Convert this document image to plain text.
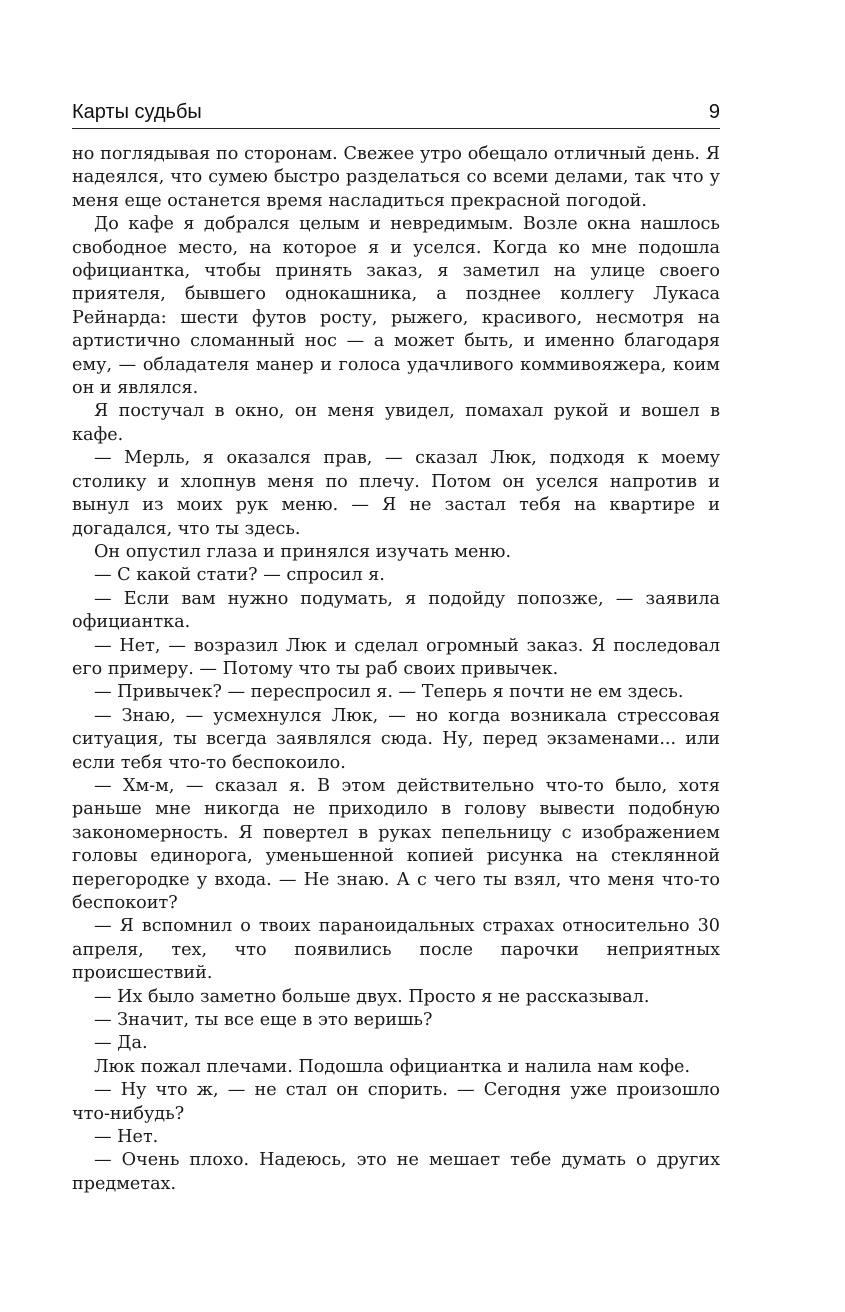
Карты судьбы	9

но поглядывая по сторонам. Свежее утро обещало отличный день. Я надеялся, что сумею быстро разделаться со всеми делами, так что у меня еще останется время насладиться прекрасной погодой.

До кафе я добрался целым и невредимым. Возле окна нашлось свободное место, на которое я и уселся. Когда ко мне подошла официантка, чтобы принять заказ, я заметил на улице своего приятеля, бывшего однокашника, а позднее коллегу Лукаса Рейнарда: шести футов росту, рыжего, красивого, несмотря на артистично сломанный нос — а может быть, и именно благодаря ему, — обладателя манер и голоса удачливого коммивояжера, коим он и являлся.

Я постучал в окно, он меня увидел, помахал рукой и вошел в кафе.

— Мерль, я оказался прав, — сказал Люк, подходя к моему столику и хлопнув меня по плечу. Потом он уселся напротив и вынул из моих рук меню. — Я не застал тебя на квартире и догадался, что ты здесь.

Он опустил глаза и принялся изучать меню.

— С какой стати? — спросил я.

— Если вам нужно подумать, я подойду попозже, — заявила официантка.

— Нет, — возразил Люк и сделал огромный заказ. Я последовал его примеру. — Потому что ты раб своих привычек.

— Привычек? — переспросил я. — Теперь я почти не ем здесь.

— Знаю, — усмехнулся Люк, — но когда возникала стрессовая ситуация, ты всегда заявлялся сюда. Ну, перед экзаменами... или если тебя что-то беспокоило.

— Хм-м, — сказал я. В этом действительно что-то было, хотя раньше мне никогда не приходило в голову вывести подобную закономерность. Я повертел в руках пепельницу с изображением головы единорога, уменьшенной копией рисунка на стеклянной перегородке у входа. — Не знаю. А с чего ты взял, что меня что-то беспокоит?

— Я вспомнил о твоих параноидальных страхах относительно 30 апреля, тех, что появились после парочки неприятных происшествий.

— Их было заметно больше двух. Просто я не рассказывал.

— Значит, ты все еще в это веришь?

— Да.

Люк пожал плечами. Подошла официантка и налила нам кофе.

— Ну что ж, — не стал он спорить. — Сегодня уже произошло что-нибудь?

— Нет.

— Очень плохо. Надеюсь, это не мешает тебе думать о других предметах.
